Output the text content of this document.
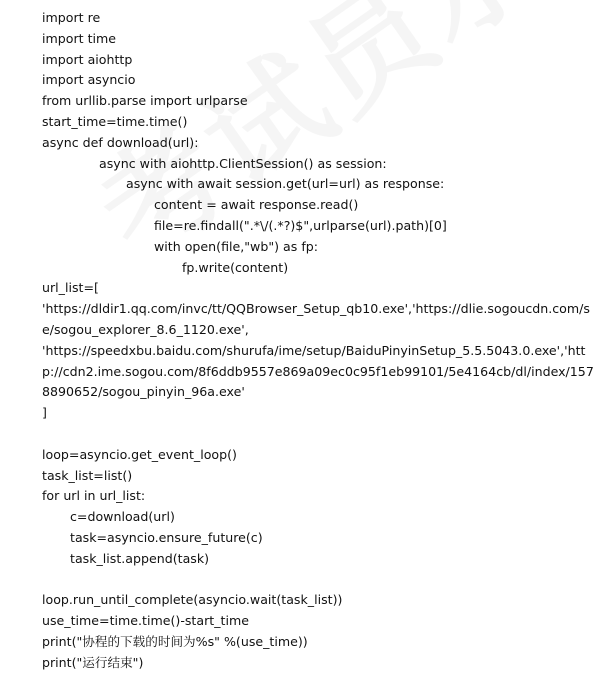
import re
import time
import aiohttp
import asyncio
from urllib.parse import urlparse
start_time=time.time()
async def download(url):
async with aiohttp.ClientSession() as session:
async with await session.get(url=url) as response:
content = await response.read()
file=re.findall(".*\/(.*?)$",urlparse(url).path)[0]
with open(file,"wb") as fp:
fp.write(content)
url_list=[
'https://dldir1.qq.com/invc/tt/QQBrowser_Setup_qb10.exe','https://dlie.sogoucdn.com/se/sogou_explorer_8.6_1120.exe',
'https://speedxbu.baidu.com/shurufa/ime/setup/BaiduPinyinSetup_5.5.5043.0.exe','http://cdn2.ime.sogou.com/8f6ddb9557e869a09ec0c95f1eb99101/5e4164cb/dl/index/1578890652/sogou_pinyin_96a.exe'
]
loop=asyncio.get_event_loop()
task_list=list()
for url in url_list:
c=download(url)
task=asyncio.ensure_future(c)
task_list.append(task)
loop.run_until_complete(asyncio.wait(task_list))
use_time=time.time()-start_time
print("协程的下载的时间为%s" %(use_time))
print("运行结束")
